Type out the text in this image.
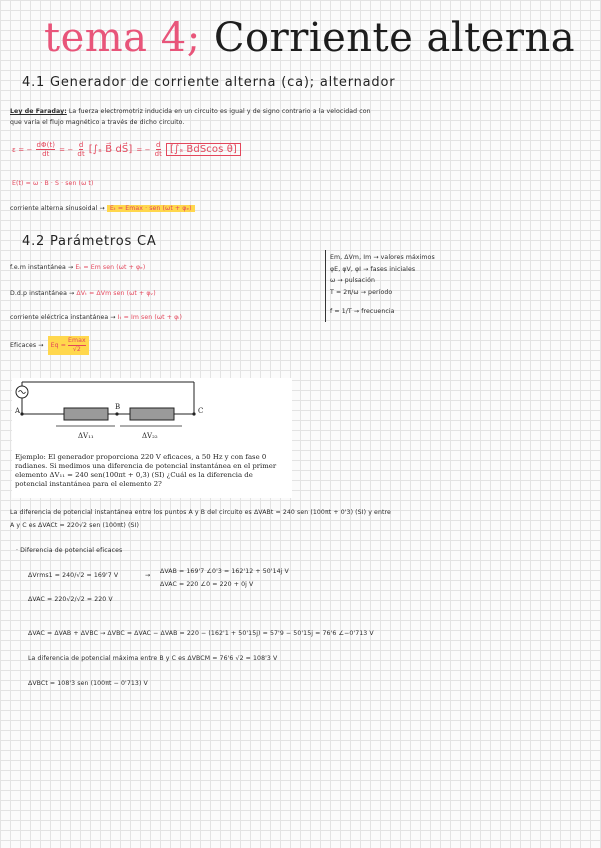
tema 4; Corriente alterna
4.1 Generador de corriente alterna (ca); alternador
Ley de Faraday: La fuerza electromotriz inducida en un circuito es igual y de signo contrario a la velocidad con
que varía el flujo magnético a través de dicho circuito.
ε = − $\frac{d\Phi(t)}{dt}$ = − $\frac{d}{dt} [\int_s$ B⃗ dS⃗] = − $\frac{d}{dt} [\int_s$ BdScos θ]
E(t) = ω · B · S · sen (ω t)
corriente alterna sinusoidal → Eₜ = Emax · sen (ωt + φₑ)
4.2 Parámetros CA
f.e.m instantánea → Eₜ = Em sen (ωt + φₑ)
D.d.p instantánea → ΔVₜ = ΔVm sen (ωt + φᵥ)
corriente eléctrica instantánea → Iₜ = Im sen (ωt + φᵢ)
Eficaces → Eq =
Emax
√2
Em, ΔVm, Im → valores máximos
φE, φV, φI → fases iniciales
ω → pulsación
T = 2π/ω → período
f = 1/T → frecuencia
A	B	C
ΔV₁₁	ΔV₂₂
Ejemplo: El generador proporciona 220 V eficaces, a 50 Hz y con fase 0 radianes. Si medimos una diferencia de potencial instantánea en el primer elemento ΔV₁₁ = 240 sen(100πt + 0,3) (SI) ¿Cuál es la diferencia de potencial instantánea para el elemento 2?
La diferencia de potencial instantánea entre los puntos A y B del circuito es ΔVABt = 240 sen (100πt + 0'3) (SI) y entre
A y C es ΔVACt = 220√2 sen (100πt) (SI)
· Diferencia de potencial eficaces
ΔVrms1 = 240/√2 = 169'7 V	→
ΔVAB = 169'7 ∠0'3 = 162'12 + 50'14j V
ΔVAC = 220 ∠0 = 220 + 0j V
ΔVAC = 220√2/√2 = 220 V
ΔVAC = ΔVAB + ΔVBC → ΔVBC = ΔVAC − ΔVAB = 220 − (162'1 + 50'15j) = 57'9 − 50'15j = 76'6 ∠−0'713 V
La diferencia de potencial máxima entre B y C es ΔVBCM = 76'6 √2 = 108'3 V
ΔVBCt = 108'3 sen (100πt − 0'713) V
